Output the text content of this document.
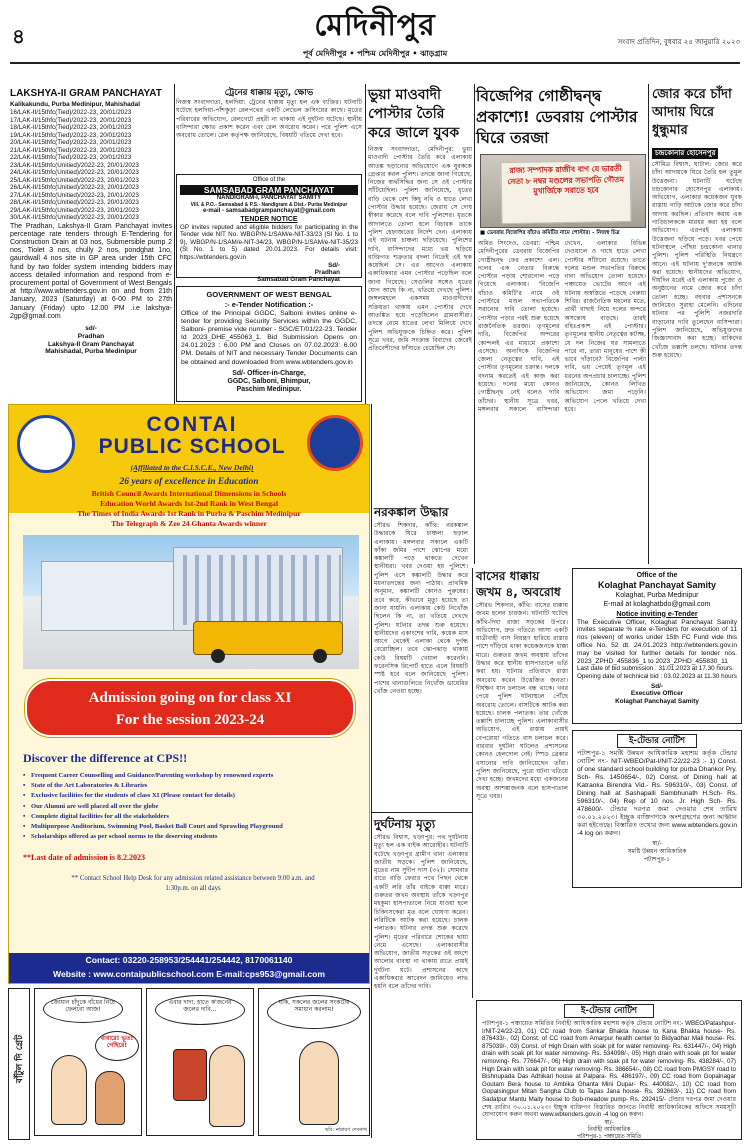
৪	মেদিনীপুর	সংবাদ প্রতিদিন, বুধবার ২৫ জানুয়ারি ২০২৩
পূর্ব মেদিনীপুর • পশ্চিম মেদিনীপুর • ঝাড়গ্রাম
LAKSHYA-II GRAM PANCHAYAT
Kalikakundu, Purba Medinipur, Mahishadal
16/LAK-II/15thfc(Tied)/2022-23, 20/01/2023
17/LAK-II/15thfc(Tied)/2022-23, 20/01/2023
18/LAK-II/15thfc(Tied)/2022-23, 20/01/2023
19/LAK-II/15thfc(Tied)/2022-23, 20/01/2023
20/LAK-II/15thfc(Tied)/2022-23, 20/01/2023
21/LAK-II/15thfc(Tied)/2022-23, 20/01/2023
22/LAK-II/15thfc(Tied)/2022-23, 20/01/2023
23/LAK-II/15thfc(Unitied)/2022-23, 20/01/2023
24/LAK-II/15thfc(Unitied)/2022-23, 20/01/2023
25/LAK-II/15thfc(Unitied)/2022-23, 20/01/2023
26/LAK-II/15thfc(Unitied)/2022-23, 20/01/2023
27/LAK-II/15thfc(Unitied)/2022-23, 20/01/2023
28/LAK-II/15thfc(Unitied)/2022-23, 20/01/2023
29/LAK-II/15thfc(Unitied)/2022-23, 20/01/2023
30/LAK-II/15thfc(Unitied)/2022-23, 20/01/2023
The Pradhan, Lakshya-II Gram Panchayat invites percentage rate tenders through E-Tendering for Construction Drain at 03 nos, Submersible pump 2 nos, Tiolet 3 nos, chully 2 nos, pondghat 1no, gaurdwall 4 nos site in GP area under 15th CFC fund by two folder system intending bidders may access detailed information and respond from e-procurement portal of Government of West Bengals at http://www.wbtenders.gov.in on and from 21th January, 2023 (Saturday) at 6-00 PM to 27th January (Friday) upto 12.00 PM .i.e lakshya-2gp@gmail.com
sd/-
Pradhan
Lakshya-II Gram Panchayat
Mahishadal, Purba Medinipur
ট্রেনের ধাক্কায় মৃত্যু, ক্ষোভ
নিজস্ব সংবাদদাতা, হলদিয়া: ট্রেনের ধাক্কায় মৃত্যু হল এক ব্যক্তির। ঘটনাটি ঘটেছে হলদিয়া-পাঁশকুড়া রেলপথের একটি লেভেল ক্রসিংয়ের কাছে। মৃতের পরিবারের অভিযোগ, রেলগেটে প্রহরী না থাকায় এই দুর্ঘটনা ঘটেছে। স্থানীয় বাসিন্দারা ক্ষোভ প্রকাশ করেন এবং রেল অবরোধ করেন। পরে পুলিশ এসে অবরোধ তোলে। রেল কর্তৃপক্ষ জানিয়েছে, বিষয়টি খতিয়ে দেখা হবে।
Office of the
SAMSABAD GRAM PANCHAYAT
NANDIGRAM-I, PANCHAYAT SAMITY
Vill. & P.O.- Samsabad & P.S.- Nandigram & Dist.- Purba Medinipur
e-mail - samsabadgrampanchayat@gmail.com
TENDER NOTICE
GP invites reputed and eligible bidders for participating in the Tender vide NIT No. WBGP/N-1/SAM/e-NIT-33/23 (Sl No. 1 to 9), WBGP/N-1/SAM/e-NIT-34/23, WBGP/N-1/SAM/e-NIT-35/23 (Sl No. 1 to 5) dated 20.01.2023. For details visit: https://wbtenders.gov.in
Sd/-
Pradhan
Samsabad Gram Panchayat
GOVERNMENT OF WEST BENGAL
:- e-Tender Notification :-
Office of the Principal GGDC, Salboni invites online e-tender for providing Security Services within the GGDC, Salboni- premise vide number - SGC/ET/01/22-23. Tender Id 2023_DHE_455063_1. Bid Submission Opens on 24.01.2023 : 6.00 PM and Closes on 07.02.2023: 6.00 PM. Details of NIT and necessary Tender Documents can be obtained and downloaded from www.wbtenders.gov.in
Sd/- Officer-in-Charge,
GGDC, Salboni, Bhimpur,
Paschim Medinipur.
ভুয়া মাওবাদী পোস্টার তৈরি করে জালে যুবক
নিজস্ব সংবাদদাতা, মেদিনীপুর: ভুয়া মাওবাদী পোস্টার তৈরি করে এলাকায় আতঙ্ক ছড়ানোর অভিযোগে এক যুবককে গ্রেপ্তার করল পুলিশ। তদন্তে জানা গিয়েছে, নিজের স্বার্থসিদ্ধির জন্য সে ওই পোস্টার সাঁটিয়েছিল। পুলিশ জানিয়েছে, ধৃতের বাড়ি থেকে বেশ কিছু নথি ও হাতে লেখা পোস্টার উদ্ধার হয়েছে। জেরায় সে দোষ স্বীকার করেছে বলে দাবি পুলিশের। ধৃতকে আদালতে তোলা হলে বিচারক তাকে পুলিশ হেফাজতের নির্দেশ দেন। এলাকায় এই ঘটনায় চাঞ্চল্য ছড়িয়েছে। পুলিশের দাবি, বাসিন্দাদের মধ্যে ভয় ছড়িয়ে ব্যক্তিগত শত্রুতার বদলা নিতেই এই ছক কষেছিল সে। এর আগেও এলাকায় একাধিকবার এমন পোস্টার পড়েছিল বলে জানা গিয়েছে। সেগুলির সঙ্গেও ধৃতের যোগ আছে কি না, খতিয়ে দেখছে পুলিশ। জঙ্গলমহলে একসময় মাওবাদীদের সক্রিয়তা থাকায় এমন পোস্টার দেখে আতঙ্কিত হয়ে পড়েছিলেন গ্রামবাসীরা। তদন্তে নেমে হাতের লেখা মিলিয়ে দেখে পুলিশ অভিযুক্তকে চিহ্নিত করে। পুলিশ সূত্রে খবর, জমি সংক্রান্ত বিবাদের জেরেই প্রতিবেশীদের ফাঁসাতে চেয়েছিল সে।
বিজেপির গোষ্ঠীদ্বন্দ্ব প্রকাশ্যে! ডেবরায় পোস্টার ঘিরে তরজা
রাজ্য সম্পাদক রাজীব বাগ যে ভারতী নেতা ৮ নম্বর মণ্ডলের সভাপতি গৌতম মুখার্জিকে সরাতে হবে
■ ডেবরায় বিজেপির বাঁচাও কমিটির নামে পোস্টার। - নিজস্ব চিত্র
অমিত সিংদেও, ডেবরা: পশ্চিম মেদিনীপুরের ডেবরায় বিজেপির গোষ্ঠীদ্বন্দ্ব ফের প্রকাশ্যে এল। দলের এক নেতার বিরুদ্ধে পোস্টার পড়ায় শোরগোল পড়ে গিয়েছে এলাকায়। 'বিজেপি বাঁচাও কমিটি'র নামে ওই পোস্টারে মণ্ডল সভাপতিকে সরানোর দাবি তোলা হয়েছে। পোস্টার পড়ার পরই শুরু হয়েছে রাজনৈতিক তরজা। তৃণমূলের দাবি, বিজেপির অন্দরের কোন্দলই এর মাধ্যমে প্রকাশ্যে এসেছে। অন্যদিকে বিজেপির জেলা নেতৃত্বের দাবি, এই পোস্টার তৃণমূলের চক্রান্ত। দলকে বদনাম করতেই এই কাজ করা হয়েছে। দলের মধ্যে কোনও গোষ্ঠীদ্বন্দ্ব নেই বলেও দাবি তাঁদের। স্থানীয় সূত্রে খবর, মঙ্গলবার সকালে বাসিন্দারা দেখেন, এলাকার বিভিন্ন দেওয়ালে ও গাছে হাতে লেখা পোস্টার সাঁটানো রয়েছে। তাতে দলের মণ্ডল সভাপতির বিরুদ্ধে নানা অভিযোগ তোলা হয়েছে। পঞ্চায়েত ভোটের আগে এই ঘটনায় অস্বস্তিতে পড়েছে গেরুয়া শিবির। রাজনৈতিক মহলের মতে, প্রার্থী বাছাই নিয়ে দলের অন্দরে অসন্তোষ বাড়ছে। তারই বহিঃপ্রকাশ এই পোস্টার। তৃণমূলের স্থানীয় নেতৃত্বের কটাক্ষ, যে দল নিজের ঘর সামলাতে পারে না, তারা মানুষের পাশে কী ভাবে দাঁড়াবে? বিজেপির পাল্টা দাবি, ভয় পেয়েই তৃণমূল এই ধরনের অপপ্রচার চালাচ্ছে। পুলিশ জানিয়েছে, কোনও লিখিত অভিযোগ জমা পড়েনি। অভিযোগ পেলে খতিয়ে দেখা হবে।
জোর করে চাঁদা আদায় ঘিরে ধুন্ধুমার
চন্দ্রকোনার হোসেনপুর
সৌমিত্র বিশ্বাস, ঘাটাল: জোর করে চাঁদা আদায়কে ঘিরে তৈরি হল তুমুল উত্তেজনা। ঘটনাটি ঘটেছে চন্দ্রকোনার হোসেনপুর এলাকায়। অভিযোগ, এলাকার কয়েকজন যুবক রাস্তায় গাড়ি আটকে জোর করে চাঁদা আদায় করছিল। প্রতিবাদ করায় এক গাড়িচালককে মারধর করা হয় বলে অভিযোগ। এরপরই এলাকায় উত্তেজনা ছড়িয়ে পড়ে। খবর পেয়ে ঘটনাস্থলে পৌঁছয় চন্দ্রকোনা থানার পুলিশ। পুলিশ পরিস্থিতি নিয়ন্ত্রণে আনে। এই ঘটনায় দু'জনকে আটক করা হয়েছে। স্থানীয়দের অভিযোগ, দীর্ঘদিন ধরেই এই এলাকায় পুজো ও অনুষ্ঠানের নামে জোর করে চাঁদা তোলা হচ্ছে। বহুবার প্রশাসনকে জানিয়েও সুরাহা মেলেনি। এদিনের ঘটনার পর পুলিশি নজরদারি বাড়ানোর দাবি তুলেছেন বাসিন্দারা। পুলিশ জানিয়েছে, অভিযুক্তদের জিজ্ঞাসাবাদ করা হচ্ছে। বাকিদের খোঁজে তল্লাশি চলছে। ঘটনার তদন্ত শুরু হয়েছে।
CONTAI
PUBLIC SCHOOL
(Affiliated to the C.I.S.C.E., New Delhi)
26 years of excellence in Education
British Council Awards International Dimensions in Schools
Education World Awards 1st-2nd Rank in West Bengal
The Times of India Awards 1st Rank in Purba & Paschim Medinipur
The Telegraph & Zee 24 Ghanta Awards winner
Admission going on for class XI
For the session 2023-24
Discover the difference at CPS!!
▪ Frequent Career Counselling and Guidance/Parenting workshop by renowned experts
▪ State of the Art Laboratories & Libraries
▪ Exclusive facilities for the students of class XI (Please contact for details)
▪ Our Alumni are well placed all over the globe
▪ Complete digital facilities for all the stakeholders
▪ Multipurpose Auditorium, Swimming Pool, Basket Ball Court and Sprawling Playground
▪ Scholarships offered as per school norms to the deserving students
**Last date of admission is 8.2.2023
** Contact School Help Desk for any admission related assistance between 9:00 a.m. and
1:30p.m. on all days
Contact: 03220-258953/254441/254442, 8170061140
Website : www.contaipublicschool.com E-mail:cps953@gmail.com
নরকঙ্কাল উদ্ধার
সৌরভ শিকদার, কাঁথি: নরকঙ্কাল উদ্ধারকে ঘিরে চাঞ্চল্য ছড়াল এলাকায়। মঙ্গলবার সকালে একটি ফাঁকা জমির পাশে ঝোপের মধ্যে কঙ্কালটি পড়ে থাকতে দেখেন স্থানীয়রা। খবর দেওয়া হয় পুলিশে। পুলিশ এসে কঙ্কালটি উদ্ধার করে ময়নাতদন্তের জন্য পাঠায়। প্রাথমিক অনুমান, কঙ্কালটি কোনও পুরুষের। তবে কবে, কীভাবে মৃত্যু হয়েছে তা জানা যায়নি। এলাকায় কেউ নিখোঁজ ছিলেন কি না, তা খতিয়ে দেখছে পুলিশ। ঘটনার তদন্ত শুরু হয়েছে। স্থানীয়দের একাংশের দাবি, কয়েক মাস আগে থেকেই এলাকা থেকে দুর্গন্ধ বেরোচ্ছিল। তবে ঝোপঝাড় থাকায় কেউ বিষয়টি খেয়াল করেননি। ফরেনসিক রিপোর্ট হাতে এলে বিষয়টি স্পষ্ট হবে বলে জানিয়েছে পুলিশ। পাশের থানাগুলিতে নিখোঁজ ডায়েরির খোঁজ নেওয়া হচ্ছে।
দুর্ঘটনায় মৃত্যু
সৌরভ বিশ্বাস, খড়্গপুর: পথ দুর্ঘটনায় মৃত্যু হল এক বাইক আরোহীর। ঘটনাটি ঘটেছে খড়্গপুর গ্রামীণ থানা এলাকার জাতীয় সড়কে। পুলিশ জানিয়েছে, মৃতের নাম সুদীপ দাস (৩২)। সোমবার রাতে বাড়ি ফেরার পথে পিছন থেকে একটি লরি তাঁর বাইকে ধাক্কা মারে। গুরুতর জখম অবস্থায় তাঁকে খড়্গপুর মহকুমা হাসপাতালে নিয়ে যাওয়া হলে চিকিৎসকেরা মৃত বলে ঘোষণা করেন। লরিটিকে আটক করা হয়েছে। চালক পলাতক। ঘটনার তদন্ত শুরু করেছে পুলিশ। মৃতের পরিবারে শোকের ছায়া নেমে এসেছে। এলাকাবাসীর অভিযোগ, জাতীয় সড়কের ওই অংশে আলোর ব্যবস্থা না থাকায় রাতে প্রায়ই দুর্ঘটনা ঘটে। প্রশাসনের কাছে একাধিকবার আবেদন জানিয়েও লাভ হয়নি বলে তাঁদের দাবি।
বাসের ধাক্কায় জখম ৪, অবরোধ
সৌরভ শিকদার, কাঁথি: বাসের ধাক্কায় জখম হলেন চারজন। ঘটনাটি ঘটেছে কাঁথি-দিঘা রাজ্য সড়কের উপরে। অভিযোগ, দ্রুত গতিতে আসা একটি যাত্রীবাহী বাস নিয়ন্ত্রণ হারিয়ে রাস্তার পাশে দাঁড়িয়ে থাকা কয়েকজনকে ধাক্কা মারে। গুরুতর জখম অবস্থায় তাঁদের উদ্ধার করে স্থানীয় হাসপাতালে ভর্তি করা হয়। ঘটনার প্রতিবাদে রাস্তা অবরোধ করেন উত্তেজিত জনতা। দীর্ঘক্ষণ যান চলাচল বন্ধ থাকে। খবর পেয়ে পুলিশ ঘটনাস্থলে পৌঁছে অবরোধ তোলে। বাসটিকে আটক করা হয়েছে। চালক পলাতক। তার খোঁজে তল্লাশি চালাচ্ছে পুলিশ। এলাকাবাসীর অভিযোগ, এই রাস্তায় প্রায়ই বেপরোয়া গতিতে বাস চলাচল করে। বারবার দুর্ঘটনা ঘটলেও প্রশাসনের কোনও হেলদোল নেই। স্পিড ব্রেকার বসানোর দাবি জানিয়েছেন তাঁরা। পুলিশ জানিয়েছে, পুরো ঘটনা খতিয়ে দেখা হচ্ছে। জখমদের মধ্যে একজনের অবস্থা আশঙ্কাজনক বলে হাসপাতাল সূত্রে খবর।
Office of the
Kolaghat Panchayat Samity
Kolaghat, Purba Medinipur
E-mail at kolaghatbdo@gmail.com
Notice inviting e-Tender
The Executive Officer, Kolaghat Panchayat Samity invites separate % rate e-Tenders for execution of 11 nos (eleven) of works under 15th FC Fund vide this office No. 52 dt. 24.01.2023 http://wbtenders.gov.in may be visited for further details for tender nos. 2023_ZPHD_455836_1 to 2023_ZPHD_455830_11
Last date of bid submission : 31.01.2023 at 17.30 hours.
Opening date of technical bid : 03.02.2023 at 11.30 hours
Sd/-
Executive Officer
Kolaghat Panchayat Samity
ই-টেন্ডার নোটিশ
পটাশপুর-১ সমষ্টি উন্নয়ন আধিকারিক মহাশয় কর্তৃক টেন্ডার নোটিশ নং:- NIT-WBEO/Pat-I/NIT-22/22-23 :- 1) Const. of one standard school building for purba Dhankor Pry. Sch- Rs. 1450654/-, 02) Const. of Dining hall at Katranka Birendra Vid.- Rs. 596310/-, 03) Const. of Dining hall at Sashapalli Sambhunath H.Sch- Rs. 596310/-, 04) Rep of 10 nos. Jr. High Sch- Rs. 478600/- টেন্ডার দরপত্র জমা দেওয়ার শেষ তারিখ ৩০.০১.২০২৩। ইচ্ছুক ব্যক্তিগণকে অংশগ্রহণের জন্য আহ্বান করা হইতেছে। বিস্তারিত তথ্যের জন্য www.wbtenders.gov.in -4 log on করুন।
স্বা/-
সমষ্টি উন্নয়ন আধিকারিক
পটাশপুর-১
ই-টেন্ডার নোটিশ
পটাশপুর-১ পঞ্চায়েত সমিতির নির্বাহী আধিকারিক মহাশয় কর্তৃক টেন্ডার নোটিশ নং:- WBEO/Patashpur-I/NIT-24/22-23, 01) CC road from Sankar Bhakta house to Kana Bhakta house- Rs. 876433/-, 02) Const. of CC road from Amarpur health center to Bidyadhar Mali house- Rs. 875039/-, 03) Const. of High Drain with soak pit for water removing- Rs. 631447/-, 04) High drain with soak pit for water removing- Rs. 534098/-, 05) High drain with soak pit for water removing- Rs. 776647/-, 06) High drain with soak pit for water removing- Rs. 438284/-, 07) High Drain with soak pit for water removing- Rs. 386654/-, 08) CC road from PMGSY road to Bishnupada Das Adhikari house at Palpara- Rs. 486197/-, 09) CC road from Gopalnagar Goutam Bera house to Ambika Ghanta Mini Dupar- Rs. 440082/-, 10) CC road from Gopalsingpur Mitan Sangha Club to Tapas Jana house- Rs. 392663/-, 11) CC road from Sadatpur Mantu Maity house to Sub-meadow pump- Rs. 292415/- টেন্ডার দরপত্র জমা দেওয়ার শেষ তারিখ ৩০.০১.২০২৩। ইচ্ছুক ব্যক্তিগণ বিস্তারিত জানতে নির্বাহী আধিকারিকের অফিসে সময়সূচী যোগাযোগ করুন অথবা www.wbtenders.gov.in -4 log on করুন।
স্বা/-
নির্বাহী আধিকারিক
পটাশপুর-১ পঞ্চায়েত সমিতি
বাঁটুল দি গ্রেট
জোয়ান চাঁদুকে বাঁধের নিচে ফেলবো আজ!
বাবারে! ভূত! গেছিরে!
এবার দাদা, হাতে ক'জনের জলের দাবি...
যাক, সকলের জলের সংকটের সমাধান করলাম!
ছবি: নারায়ণ দেবনাথ
